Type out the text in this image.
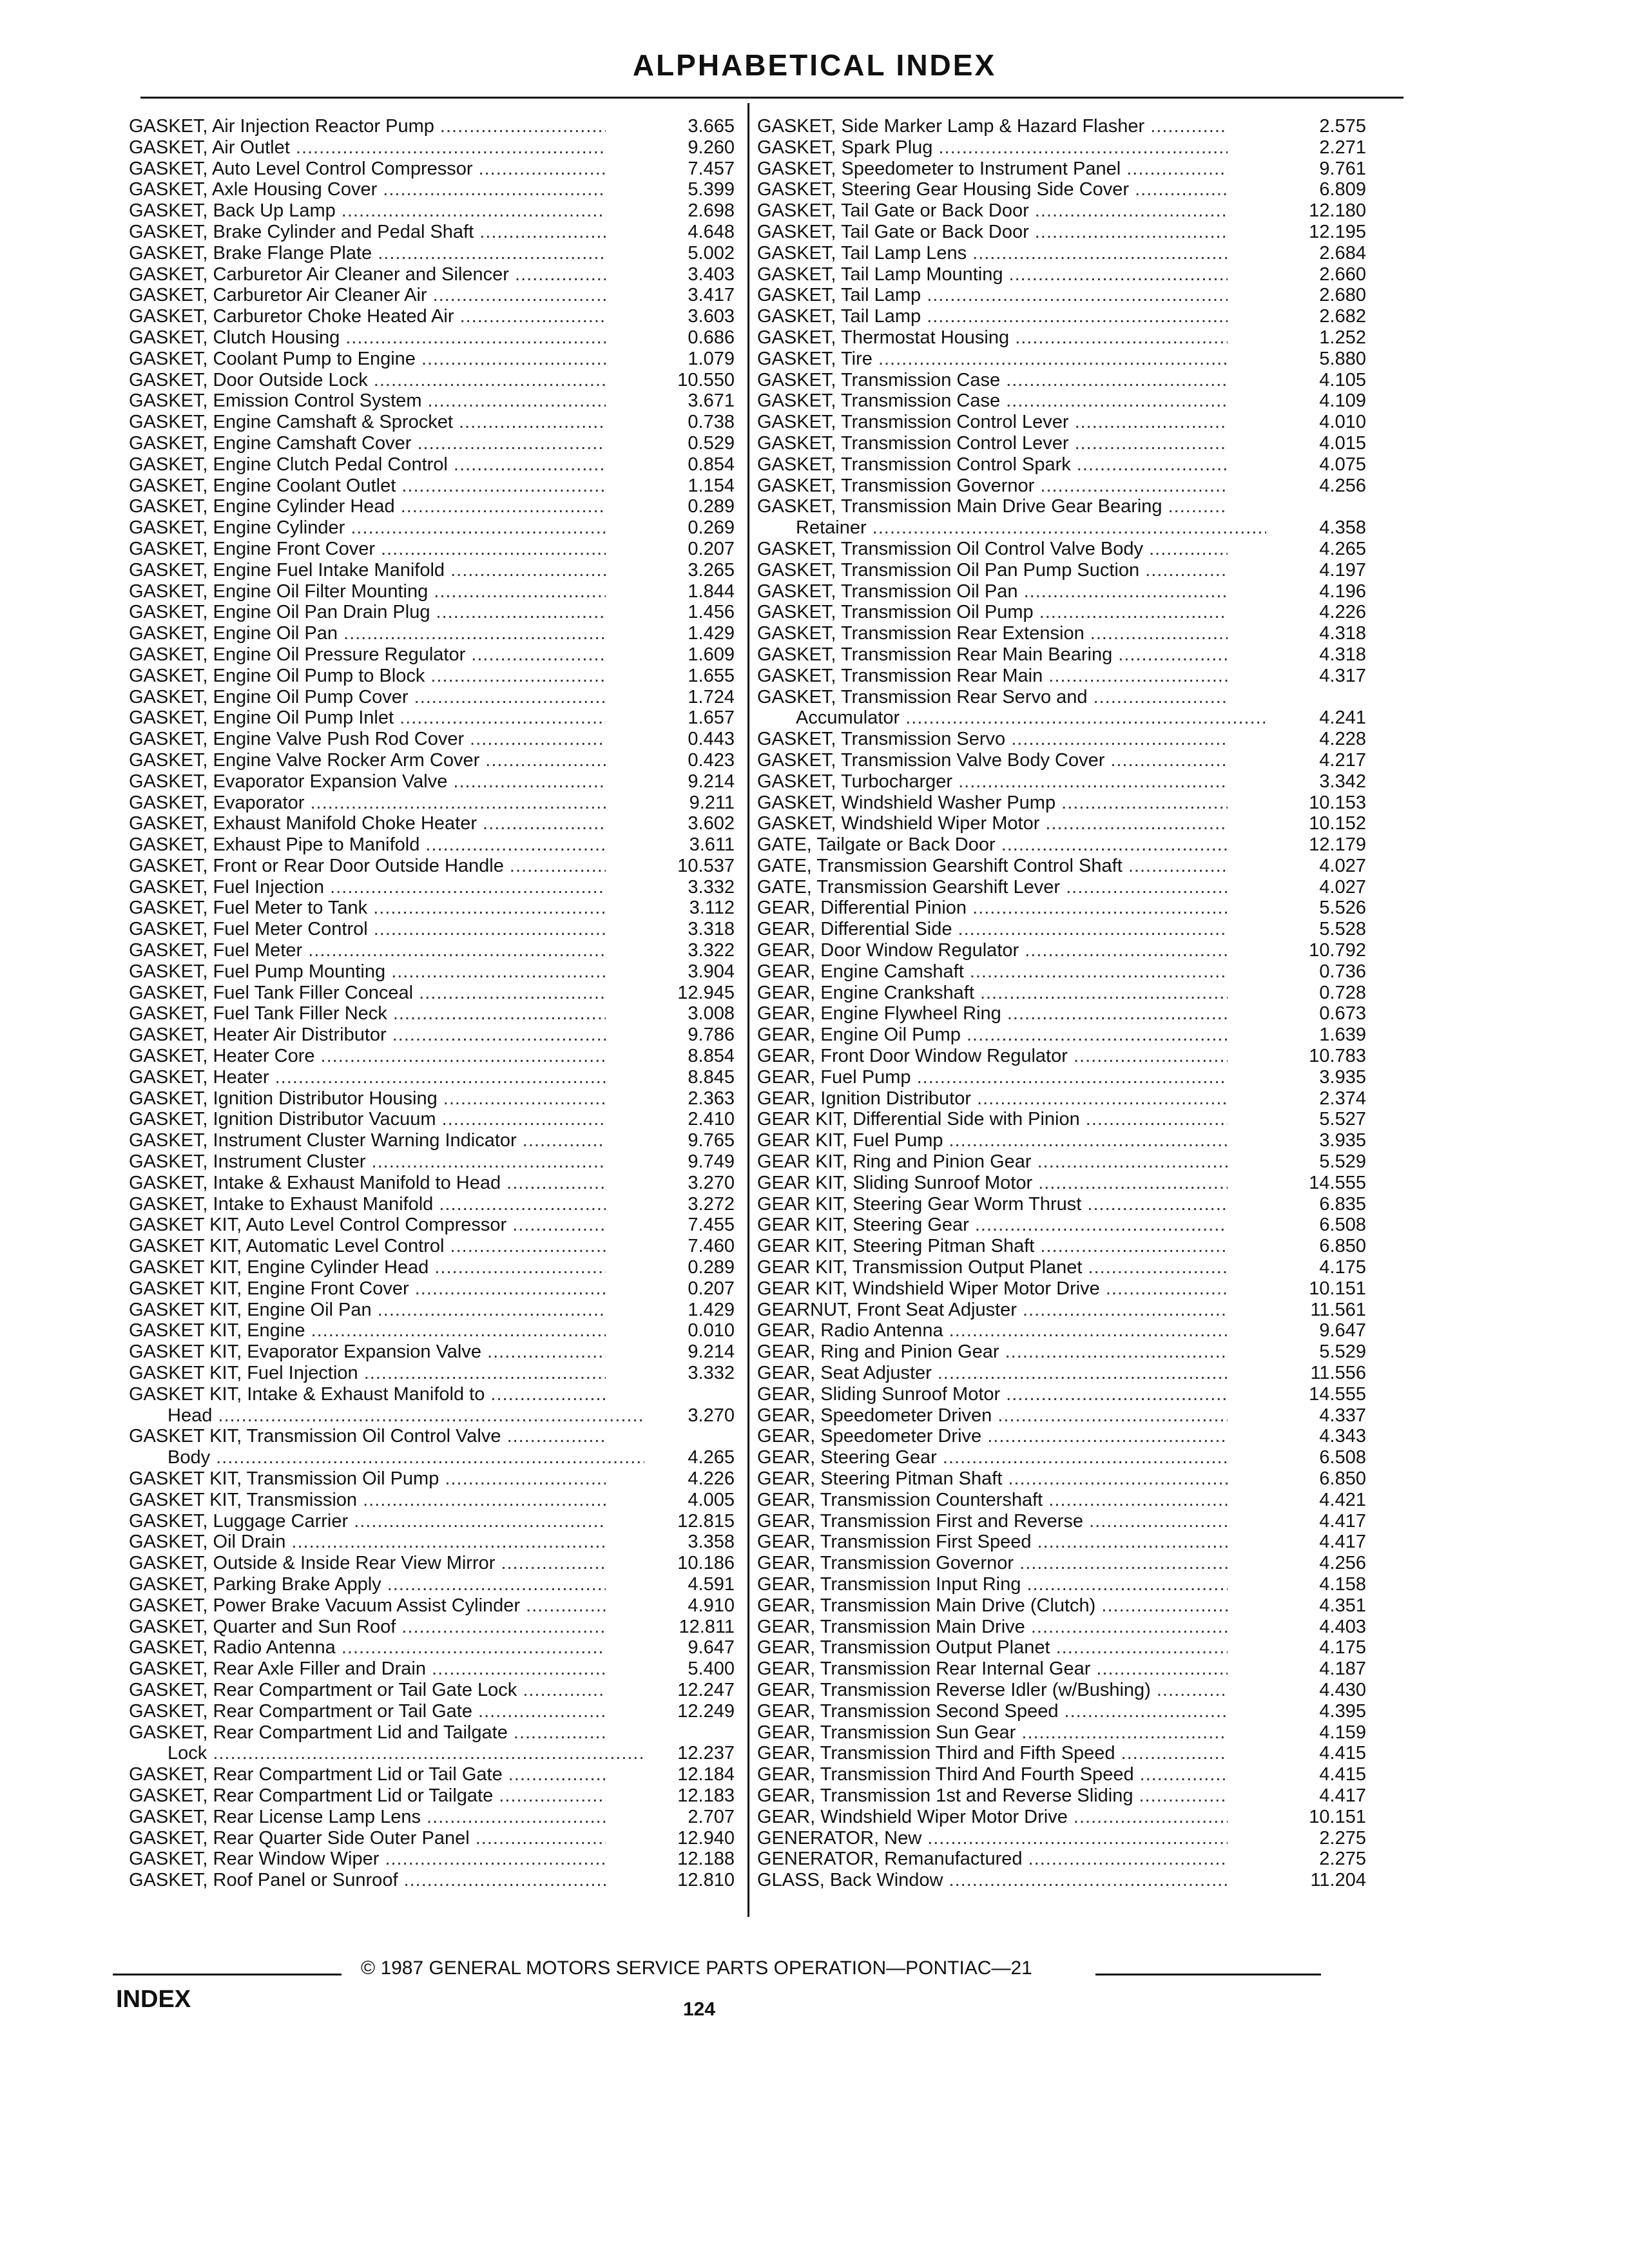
ALPHABETICAL INDEX
GASKET, Air Injection Reactor Pump .....	3.665
GASKET, Air Outlet .....	9.260
GASKET, Auto Level Control Compressor .....	7.457
GASKET, Axle Housing Cover .....	5.399
GASKET, Back Up Lamp .....	2.698
GASKET, Brake Cylinder and Pedal Shaft .....	4.648
GASKET, Brake Flange Plate .....	5.002
GASKET, Carburetor Air Cleaner and Silencer .....	3.403
GASKET, Carburetor Air Cleaner Air .....	3.417
GASKET, Carburetor Choke Heated Air .....	3.603
GASKET, Clutch Housing .....	0.686
GASKET, Coolant Pump to Engine .....	1.079
GASKET, Door Outside Lock .....	10.550
GASKET, Emission Control System .....	3.671
GASKET, Engine Camshaft & Sprocket .....	0.738
GASKET, Engine Camshaft Cover .....	0.529
GASKET, Engine Clutch Pedal Control .....	0.854
GASKET, Engine Coolant Outlet .....	1.154
GASKET, Engine Cylinder Head .....	0.289
GASKET, Engine Cylinder .....	0.269
GASKET, Engine Front Cover .....	0.207
GASKET, Engine Fuel Intake Manifold .....	3.265
GASKET, Engine Oil Filter Mounting .....	1.844
GASKET, Engine Oil Pan Drain Plug .....	1.456
GASKET, Engine Oil Pan .....	1.429
GASKET, Engine Oil Pressure Regulator .....	1.609
GASKET, Engine Oil Pump to Block .....	1.655
GASKET, Engine Oil Pump Cover .....	1.724
GASKET, Engine Oil Pump Inlet .....	1.657
GASKET, Engine Valve Push Rod Cover .....	0.443
GASKET, Engine Valve Rocker Arm Cover .....	0.423
GASKET, Evaporator Expansion Valve .....	9.214
GASKET, Evaporator .....	9.211
GASKET, Exhaust Manifold Choke Heater .....	3.602
GASKET, Exhaust Pipe to Manifold .....	3.611
GASKET, Front or Rear Door Outside Handle .....	10.537
GASKET, Fuel Injection .....	3.332
GASKET, Fuel Meter to Tank .....	3.112
GASKET, Fuel Meter Control .....	3.318
GASKET, Fuel Meter .....	3.322
GASKET, Fuel Pump Mounting .....	3.904
GASKET, Fuel Tank Filler Conceal .....	12.945
GASKET, Fuel Tank Filler Neck .....	3.008
GASKET, Heater Air Distributor .....	9.786
GASKET, Heater Core .....	8.854
GASKET, Heater .....	8.845
GASKET, Ignition Distributor Housing .....	2.363
GASKET, Ignition Distributor Vacuum .....	2.410
GASKET, Instrument Cluster Warning Indicator .....	9.765
GASKET, Instrument Cluster .....	9.749
GASKET, Intake & Exhaust Manifold to Head .....	3.270
GASKET, Intake to Exhaust Manifold .....	3.272
GASKET KIT, Auto Level Control Compressor .....	7.455
GASKET KIT, Automatic Level Control .....	7.460
GASKET KIT, Engine Cylinder Head .....	0.289
GASKET KIT, Engine Front Cover .....	0.207
GASKET KIT, Engine Oil Pan .....	1.429
GASKET KIT, Engine .....	0.010
GASKET KIT, Evaporator Expansion Valve .....	9.214
GASKET KIT, Fuel Injection .....	3.332
GASKET KIT, Intake & Exhaust Manifold to .....
Head .....	3.270
GASKET KIT, Transmission Oil Control Valve .....
Body .....	4.265
GASKET KIT, Transmission Oil Pump .....	4.226
GASKET KIT, Transmission .....	4.005
GASKET, Luggage Carrier .....	12.815
GASKET, Oil Drain .....	3.358
GASKET, Outside & Inside Rear View Mirror .....	10.186
GASKET, Parking Brake Apply .....	4.591
GASKET, Power Brake Vacuum Assist Cylinder .....	4.910
GASKET, Quarter and Sun Roof .....	12.811
GASKET, Radio Antenna .....	9.647
GASKET, Rear Axle Filler and Drain .....	5.400
GASKET, Rear Compartment or Tail Gate Lock .....	12.247
GASKET, Rear Compartment or Tail Gate .....	12.249
GASKET, Rear Compartment Lid and Tailgate .....
Lock .....	12.237
GASKET, Rear Compartment Lid or Tail Gate .....	12.184
GASKET, Rear Compartment Lid or Tailgate .....	12.183
GASKET, Rear License Lamp Lens .....	2.707
GASKET, Rear Quarter Side Outer Panel .....	12.940
GASKET, Rear Window Wiper .....	12.188
GASKET, Roof Panel or Sunroof .....	12.810
GASKET, Side Marker Lamp & Hazard Flasher .....	2.575
GASKET, Spark Plug .....	2.271
GASKET, Speedometer to Instrument Panel .....	9.761
GASKET, Steering Gear Housing Side Cover .....	6.809
GASKET, Tail Gate or Back Door .....	12.180
GASKET, Tail Gate or Back Door .....	12.195
GASKET, Tail Lamp Lens .....	2.684
GASKET, Tail Lamp Mounting .....	2.660
GASKET, Tail Lamp .....	2.680
GASKET, Tail Lamp .....	2.682
GASKET, Thermostat Housing .....	1.252
GASKET, Tire .....	5.880
GASKET, Transmission Case .....	4.105
GASKET, Transmission Case .....	4.109
GASKET, Transmission Control Lever .....	4.010
GASKET, Transmission Control Lever .....	4.015
GASKET, Transmission Control Spark .....	4.075
GASKET, Transmission Governor .....	4.256
GASKET, Transmission Main Drive Gear Bearing .....
Retainer .....	4.358
GASKET, Transmission Oil Control Valve Body .....	4.265
GASKET, Transmission Oil Pan Pump Suction .....	4.197
GASKET, Transmission Oil Pan .....	4.196
GASKET, Transmission Oil Pump .....	4.226
GASKET, Transmission Rear Extension .....	4.318
GASKET, Transmission Rear Main Bearing .....	4.318
GASKET, Transmission Rear Main .....	4.317
GASKET, Transmission Rear Servo and .....
Accumulator .....	4.241
GASKET, Transmission Servo .....	4.228
GASKET, Transmission Valve Body Cover .....	4.217
GASKET, Turbocharger .....	3.342
GASKET, Windshield Washer Pump .....	10.153
GASKET, Windshield Wiper Motor .....	10.152
GATE, Tailgate or Back Door .....	12.179
GATE, Transmission Gearshift Control Shaft .....	4.027
GATE, Transmission Gearshift Lever .....	4.027
GEAR, Differential Pinion .....	5.526
GEAR, Differential Side .....	5.528
GEAR, Door Window Regulator .....	10.792
GEAR, Engine Camshaft .....	0.736
GEAR, Engine Crankshaft .....	0.728
GEAR, Engine Flywheel Ring .....	0.673
GEAR, Engine Oil Pump .....	1.639
GEAR, Front Door Window Regulator .....	10.783
GEAR, Fuel Pump .....	3.935
GEAR, Ignition Distributor .....	2.374
GEAR KIT, Differential Side with Pinion .....	5.527
GEAR KIT, Fuel Pump .....	3.935
GEAR KIT, Ring and Pinion Gear .....	5.529
GEAR KIT, Sliding Sunroof Motor .....	14.555
GEAR KIT, Steering Gear Worm Thrust .....	6.835
GEAR KIT, Steering Gear .....	6.508
GEAR KIT, Steering Pitman Shaft .....	6.850
GEAR KIT, Transmission Output Planet .....	4.175
GEAR KIT, Windshield Wiper Motor Drive .....	10.151
GEARNUT, Front Seat Adjuster .....	11.561
GEAR, Radio Antenna .....	9.647
GEAR, Ring and Pinion Gear .....	5.529
GEAR, Seat Adjuster .....	11.556
GEAR, Sliding Sunroof Motor .....	14.555
GEAR, Speedometer Driven .....	4.337
GEAR, Speedometer Drive .....	4.343
GEAR, Steering Gear .....	6.508
GEAR, Steering Pitman Shaft .....	6.850
GEAR, Transmission Countershaft .....	4.421
GEAR, Transmission First and Reverse .....	4.417
GEAR, Transmission First Speed .....	4.417
GEAR, Transmission Governor .....	4.256
GEAR, Transmission Input Ring .....	4.158
GEAR, Transmission Main Drive (Clutch) .....	4.351
GEAR, Transmission Main Drive .....	4.403
GEAR, Transmission Output Planet .....	4.175
GEAR, Transmission Rear Internal Gear .....	4.187
GEAR, Transmission Reverse Idler (w/Bushing) .....	4.430
GEAR, Transmission Second Speed .....	4.395
GEAR, Transmission Sun Gear .....	4.159
GEAR, Transmission Third and Fifth Speed .....	4.415
GEAR, Transmission Third And Fourth Speed .....	4.415
GEAR, Transmission 1st and Reverse Sliding .....	4.417
GEAR, Windshield Wiper Motor Drive .....	10.151
GENERATOR, New .....	2.275
GENERATOR, Remanufactured .....	2.275
GLASS, Back Window .....	11.204
© 1987 GENERAL MOTORS SERVICE PARTS OPERATION—PONTIAC—21
INDEX	124
